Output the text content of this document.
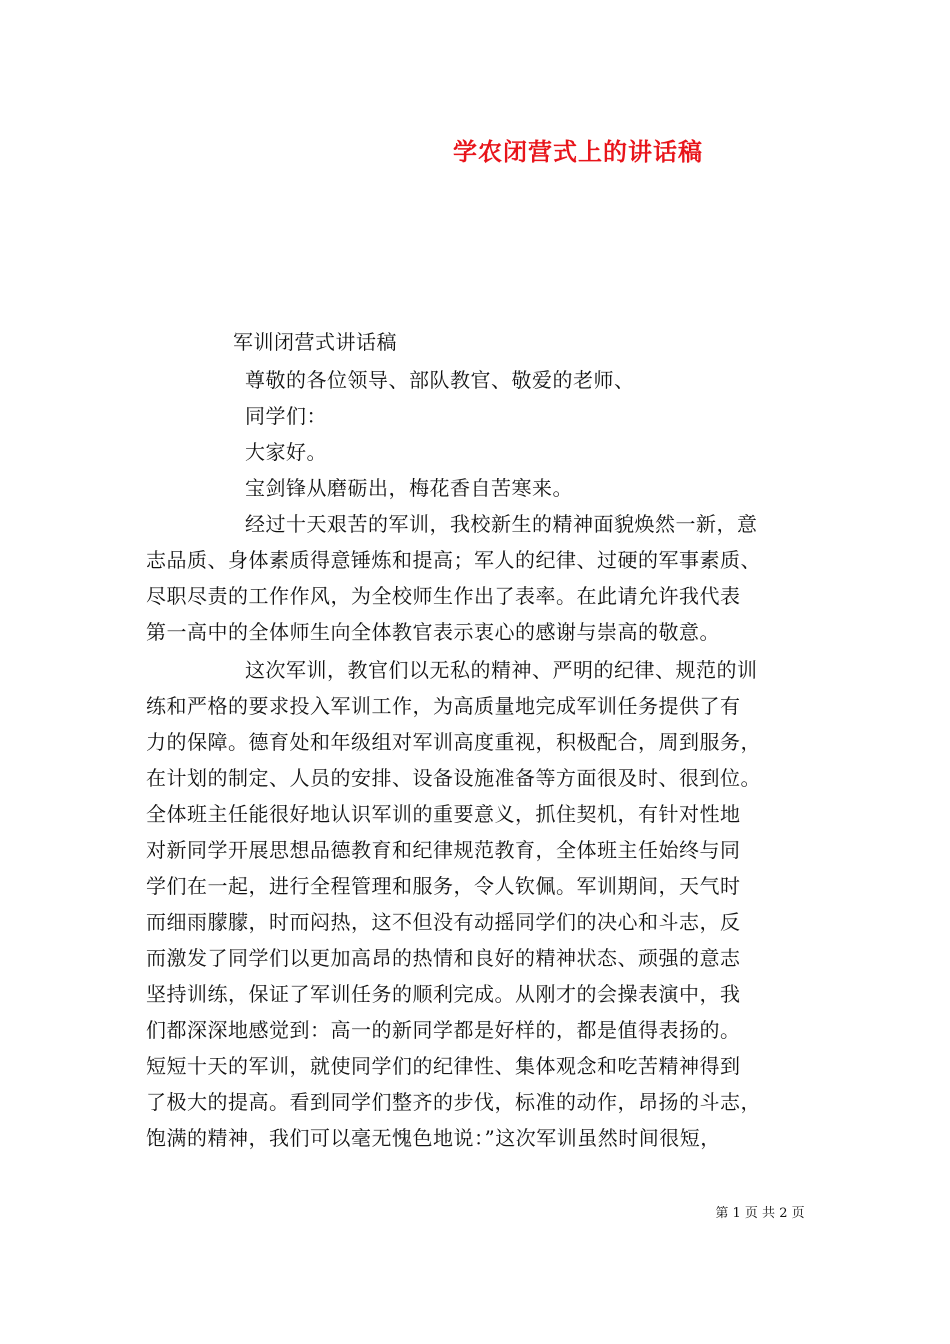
学农闭营式上的讲话稿
军训闭营式讲话稿
尊敬的各位领导、部队教官、敬爱的老师、
同学们：
大家好。
宝剑锋从磨砺出，梅花香自苦寒来。
经过十天艰苦的军训，我校新生的精神面貌焕然一新，意
志品质、身体素质得意锤炼和提高；军人的纪律、过硬的军事素质、
尽职尽责的工作作风，为全校师生作出了表率。在此请允许我代表
第一高中的全体师生向全体教官表示衷心的感谢与崇高的敬意。
这次军训，教官们以无私的精神、严明的纪律、规范的训
练和严格的要求投入军训工作，为高质量地完成军训任务提供了有
力的保障。德育处和年级组对军训高度重视，积极配合，周到服务，
在计划的制定、人员的安排、设备设施准备等方面很及时、很到位。
全体班主任能很好地认识军训的重要意义，抓住契机，有针对性地
对新同学开展思想品德教育和纪律规范教育，全体班主任始终与同
学们在一起，进行全程管理和服务，令人钦佩。军训期间，天气时
而细雨朦朦，时而闷热，这不但没有动摇同学们的决心和斗志，反
而激发了同学们以更加高昂的热情和良好的精神状态、顽强的意志
坚持训练，保证了军训任务的顺利完成。从刚才的会操表演中，我
们都深深地感觉到：高一的新同学都是好样的，都是值得表扬的。
短短十天的军训，就使同学们的纪律性、集体观念和吃苦精神得到
了极大的提高。看到同学们整齐的步伐，标准的动作，昂扬的斗志，
饱满的精神，我们可以毫无愧色地说：”这次军训虽然时间很短，
第 1 页 共 2 页
